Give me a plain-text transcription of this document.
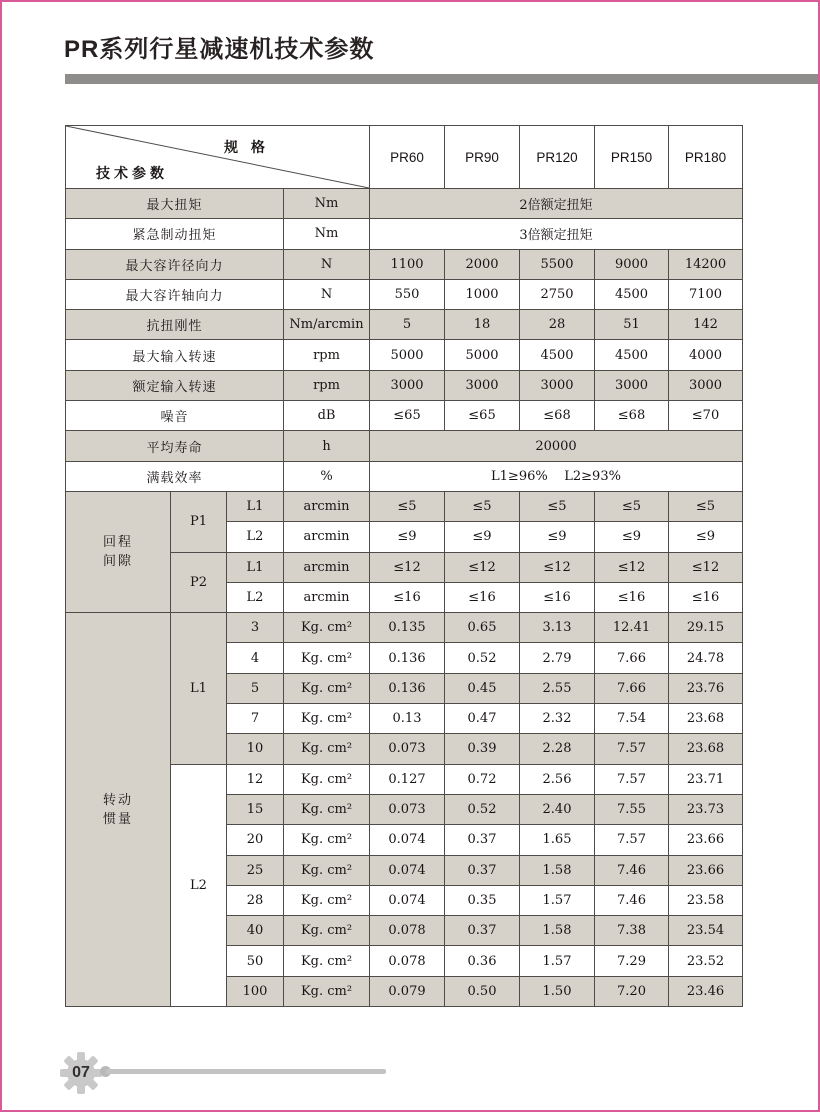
PR系列行星减速机技术参数
规 格
技术参数				PR60	PR90	PR120	PR150	PR180
最大扭矩			Nm	2倍额定扭矩				
紧急制动扭矩			Nm	3倍额定扭矩				
最大容许径向力			N	1100	2000	5500	9000	14200
最大容许轴向力			N	550	1000	2750	4500	7100
抗扭刚性			Nm/arcmin	5	18	28	51	142
最大输入转速			rpm	5000	5000	4500	4500	4000
额定输入转速			rpm	3000	3000	3000	3000	3000
噪音			dB	≤65	≤65	≤68	≤68	≤70
平均寿命			h	20000				
满载效率			%	L1≥96%    L2≥93%				

回程
间隙	P1	L1	arcmin	≤5	≤5	≤5	≤5	≤5
		L2	arcmin	≤9	≤9	≤9	≤9	≤9
	P2	L1	arcmin	≤12	≤12	≤12	≤12	≤12
		L2	arcmin	≤16	≤16	≤16	≤16	≤16

转动
惯量	L1	3	Kg. cm²	0.135	0.65	3.13	12.41	29.15
		4	Kg. cm²	0.136	0.52	2.79	7.66	24.78
		5	Kg. cm²	0.136	0.45	2.55	7.66	23.76
		7	Kg. cm²	0.13	0.47	2.32	7.54	23.68
		10	Kg. cm²	0.073	0.39	2.28	7.57	23.68
	L2	12	Kg. cm²	0.127	0.72	2.56	7.57	23.71
		15	Kg. cm²	0.073	0.52	2.40	7.55	23.73
		20	Kg. cm²	0.074	0.37	1.65	7.57	23.66
		25	Kg. cm²	0.074	0.37	1.58	7.46	23.66
		28	Kg. cm²	0.074	0.35	1.57	7.46	23.58
		40	Kg. cm²	0.078	0.37	1.58	7.38	23.54
		50	Kg. cm²	0.078	0.36	1.57	7.29	23.52
		100	Kg. cm²	0.079	0.50	1.50	7.20	23.46
07
